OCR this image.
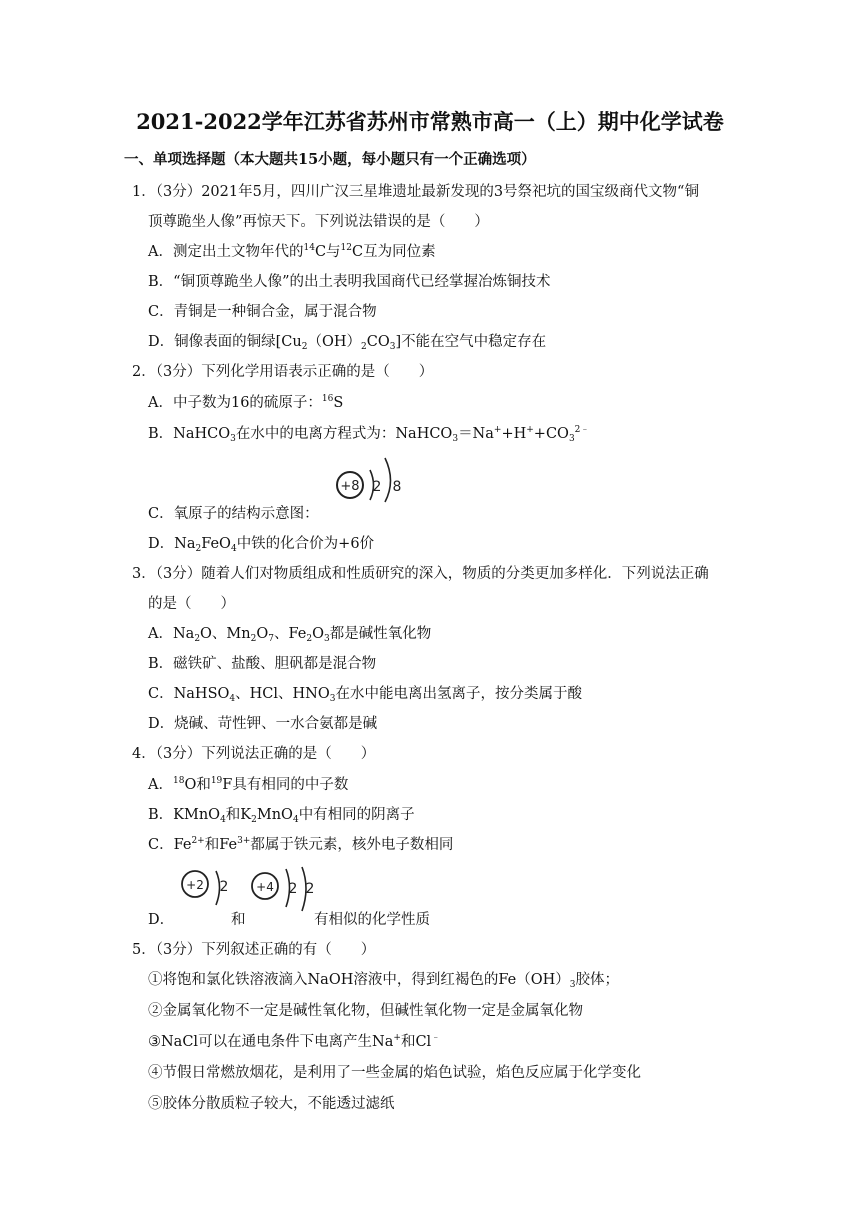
2021-2022学年江苏省苏州市常熟市高一（上）期中化学试卷
一、单项选择题（本大题共15小题，每小题只有一个正确选项）
1．（3分）2021年5月，四川广汉三星堆遗址最新发现的3号祭祀坑的国宝级商代文物“铜
顶尊跪坐人像”再惊天下。下列说法错误的是（　　）
A．测定出土文物年代的$^{14}$C与$^{12}$C互为同位素
B．“铜顶尊跪坐人像”的出土表明我国商代已经掌握冶炼铜技术
C．青铜是一种铜合金，属于混合物
D．铜像表面的铜绿$[Cu_2(OH)_2CO_3]$不能在空气中稳定存在
2．（3分）下列化学用语表示正确的是（　　）
A．中子数为16的硫原子：$^{16}$S
B．NaHCO$_3$在水中的电离方程式为：$NaHCO_3=Na^++H^++CO_3^{2﹣}$
+8 2 8
C．氧原子的结构示意图：
D．$Na_2FeO_4$中铁的化合价为+6价
3．（3分）随着人们对物质组成和性质研究的深入，物质的分类更加多样化．下列说法正确
的是（　　）
A．$Na_2O$、$Mn_2O_7$、$Fe_2O_3$都是碱性氧化物
B．磁铁矿、盐酸、胆矾都是混合物
C．NaHSO$_4$、HCl、$HNO_3$在水中能电离出氢离子，按分类属于酸
D．烧碱、苛性钾、一水合氨都是碱
4．（3分）下列说法正确的是（　　）
A．$^{18}$O和$^{19}$F具有相同的中子数
B．KMnO$_4$和$K_2MnO_4$中有相同的阴离子
C．$Fe^{2+}$和$Fe^{3+}$都属于铁元素，核外电子数相同
+2 2 +4 2 2
D．	和	有相似的化学性质
5．（3分）下列叙述正确的有（　　）
①将饱和氯化铁溶液滴入NaOH溶液中，得到红褐色的$Fe(OH)_3$胶体；
②金属氧化物不一定是碱性氧化物，但碱性氧化物一定是金属氧化物
③NaCl可以在通电条件下电离产生Na+和Cl﹣
④节假日常燃放烟花，是利用了一些金属的焰色试验，焰色反应属于化学变化
⑤胶体分散质粒子较大，不能透过滤纸
